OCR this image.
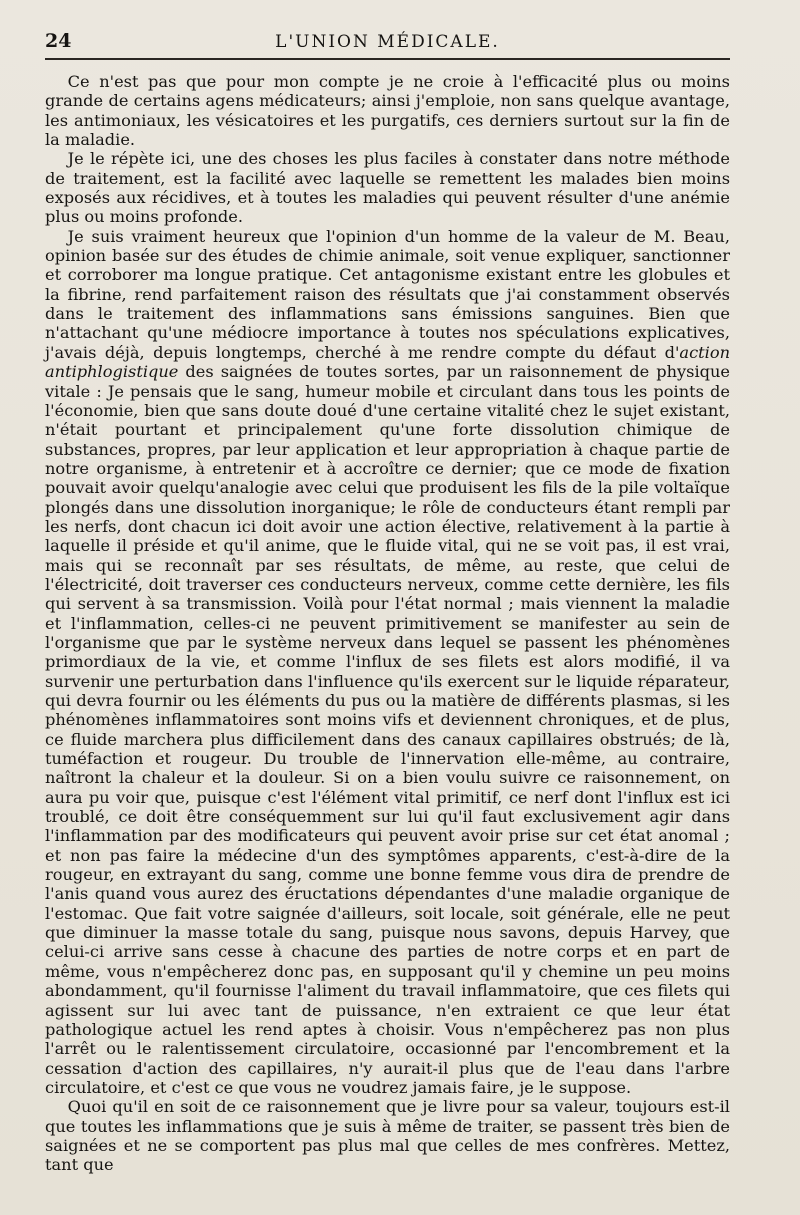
24	L'UNION MÉDICALE.

Ce n'est pas que pour mon compte je ne croie à l'efficacité plus ou moins grande de certains agens médicateurs; ainsi j'emploie, non sans quelque avantage, les antimoniaux, les vésicatoires et les purgatifs, ces derniers surtout sur la fin de la maladie.

Je le répète ici, une des choses les plus faciles à constater dans notre méthode de traitement, est la facilité avec laquelle se remettent les malades bien moins exposés aux récidives, et à toutes les maladies qui peuvent résulter d'une anémie plus ou moins profonde.

Je suis vraiment heureux que l'opinion d'un homme de la valeur de M. Beau, opinion basée sur des études de chimie animale, soit venue expliquer, sanctionner et corroborer ma longue pratique. Cet antagonisme existant entre les globules et la fibrine, rend parfaitement raison des résultats que j'ai constamment observés dans le traitement des inflammations sans émissions sanguines. Bien que n'attachant qu'une médiocre importance à toutes nos spéculations explicatives, j'avais déjà, depuis longtemps, cherché à me rendre compte du défaut d'action antiphlogistique des saignées de toutes sortes, par un raisonnement de physique vitale : Je pensais que le sang, humeur mobile et circulant dans tous les points de l'économie, bien que sans doute doué d'une certaine vitalité chez le sujet existant, n'était pourtant et principalement qu'une forte dissolution chimique de substances, propres, par leur application et leur appropriation à chaque partie de notre organisme, à entretenir et à accroître ce dernier; que ce mode de fixation pouvait avoir quelqu'analogie avec celui que produisent les fils de la pile voltaïque plongés dans une dissolution inorganique; le rôle de conducteurs étant rempli par les nerfs, dont chacun ici doit avoir une action élective, relativement à la partie à laquelle il préside et qu'il anime, que le fluide vital, qui ne se voit pas, il est vrai, mais qui se reconnaît par ses résultats, de même, au reste, que celui de l'électricité, doit traverser ces conducteurs nerveux, comme cette dernière, les fils qui servent à sa transmission. Voilà pour l'état normal ; mais viennent la maladie et l'inflammation, celles-ci ne peuvent primitivement se manifester au sein de l'organisme que par le système nerveux dans lequel se passent les phénomènes primordiaux de la vie, et comme l'influx de ses filets est alors modifié, il va survenir une perturbation dans l'influence qu'ils exercent sur le liquide réparateur, qui devra fournir ou les éléments du pus ou la matière de différents plasmas, si les phénomènes inflammatoires sont moins vifs et deviennent chroniques, et de plus, ce fluide marchera plus difficilement dans des canaux capillaires obstrués; de là, tuméfaction et rougeur. Du trouble de l'innervation elle-même, au contraire, naîtront la chaleur et la douleur. Si on a bien voulu suivre ce raisonnement, on aura pu voir que, puisque c'est l'élément vital primitif, ce nerf dont l'influx est ici troublé, ce doit être conséquemment sur lui qu'il faut exclusivement agir dans l'inflammation par des modificateurs qui peuvent avoir prise sur cet état anomal ; et non pas faire la médecine d'un des symptômes apparents, c'est-à-dire de la rougeur, en extrayant du sang, comme une bonne femme vous dira de prendre de l'anis quand vous aurez des éructations dépendantes d'une maladie organique de l'estomac. Que fait votre saignée d'ailleurs, soit locale, soit générale, elle ne peut que diminuer la masse totale du sang, puisque nous savons, depuis Harvey, que celui-ci arrive sans cesse à chacune des parties de notre corps et en part de même, vous n'empêcherez donc pas, en supposant qu'il y chemine un peu moins abondamment, qu'il fournisse l'aliment du travail inflammatoire, que ces filets qui agissent sur lui avec tant de puissance, n'en extraient ce que leur état pathologique actuel les rend aptes à choisir. Vous n'empêcherez pas non plus l'arrêt ou le ralentissement circulatoire, occasionné par l'encombrement et la cessation d'action des capillaires, n'y aurait-il plus que de l'eau dans l'arbre circulatoire, et c'est ce que vous ne voudrez jamais faire, je le suppose.

Quoi qu'il en soit de ce raisonnement que je livre pour sa valeur, toujours est-il que toutes les inflammations que je suis à même de traiter, se passent très bien de saignées et ne se comportent pas plus mal que celles de mes confrères. Mettez, tant que
